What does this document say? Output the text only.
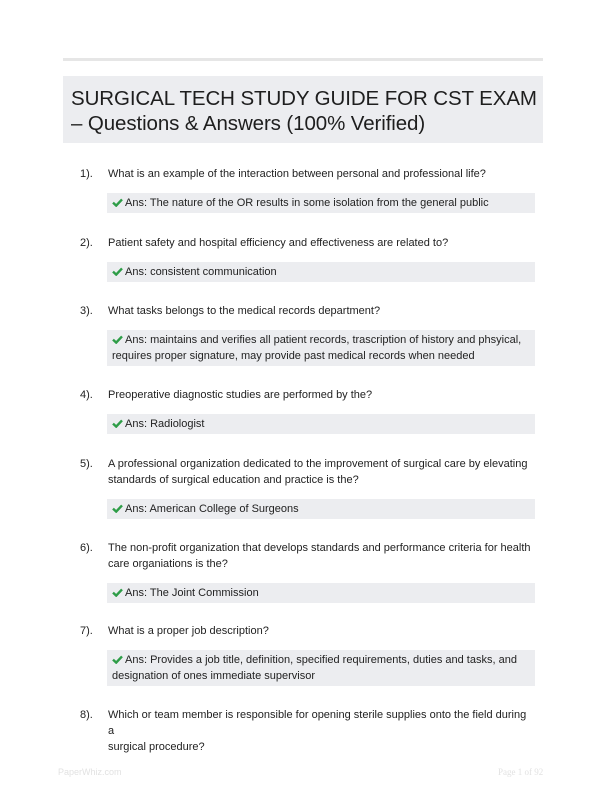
SURGICAL TECH STUDY GUIDE FOR CST EXAM
– Questions & Answers (100% Verified)
1). What is an example of the interaction between personal and professional life?
Ans: The nature of the OR results in some isolation from the general public
2). Patient safety and hospital efficiency and effectiveness are related to?
Ans: consistent communication
3). What tasks belongs to the medical records department?
Ans: maintains and verifies all patient records, trascription of history and phsyical,
requires proper signature, may provide past medical records when needed
4). Preoperative diagnostic studies are performed by the?
Ans: Radiologist
5). A professional organization dedicated to the improvement of surgical care by elevating
standards of surgical education and practice is the?
Ans: American College of Surgeons
6). The non-profit organization that develops standards and performance criteria for health
care organiations is the?
Ans: The Joint Commission
7). What is a proper job description?
Ans: Provides a job title, definition, specified requirements, duties and tasks, and
designation of ones immediate supervisor
8). Which or team member is responsible for opening sterile supplies onto the field during a
surgical procedure?
PaperWhiz.com	Page 1 of 92
